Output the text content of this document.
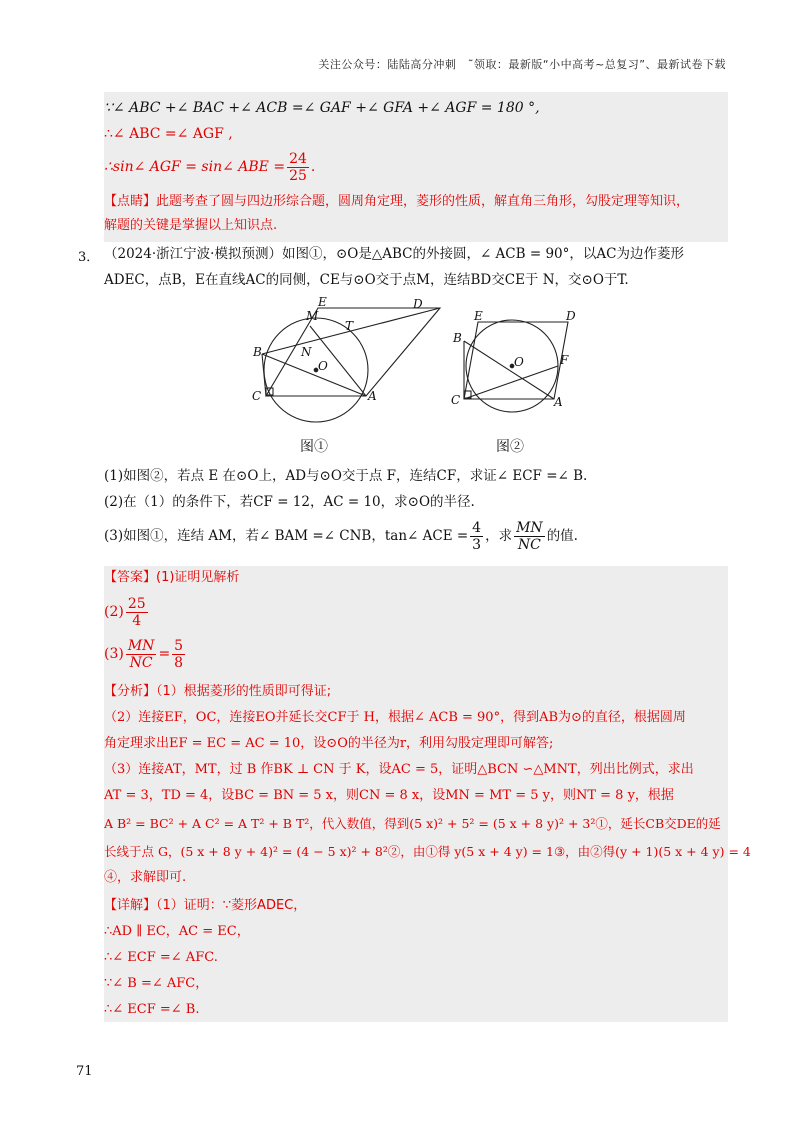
关注公众号：陆陆高分冲刺　˜领取：最新版“小中高考~总复习”、最新试卷下载
∵∠ ABC +∠ BAC +∠ ACB =∠ GAF +∠ GFA +∠ AGF = 180 °,
∴∠ ABC =∠ AGF ,
∴sin∠ AGF = sin∠ ABE = $\frac{24}{25}$ .
【点睛】此题考查了圆与四边形综合题，圆周角定理，菱形的性质，解直角三角形，勾股定理等知识，
解题的关键是掌握以上知识点.
3． （2024·浙江宁波·模拟预测）如图①，⊙O是△ABC的外接圆，∠ ACB = 90°，以AC为边作菱形
ADEC，点B，E在直线AC的同侧，CE与⊙O交于点M，连结BD交CE于 N，交⊙O于T.
E	D
M
T
B	N
O
C	A
E	D
B
O	F
C	A
图①	图②
(1)如图②，若点 E 在⊙O上，AD与⊙O交于点 F，连结CF，求证∠ ECF =∠ B.
(2)在（1）的条件下，若CF = 12，AC = 10，求⊙O的半径.
(3)如图①，连结 AM，若∠ BAM =∠ CNB，tan∠ ACE = $\frac{4}{3}$ ，求 $\frac{MN}{NC}$ 的值.
【答案】(1)证明见解析
$(2) \frac{25}{4}$
$(3) \frac{MN}{NC} = \frac{5}{8}$
【分析】（1）根据菱形的性质即可得证;
（2）连接EF，OC，连接EO并延长交CF于 H，根据∠ ACB = 90°，得到AB为⊙的直径，根据圆周
角定理求出EF = EC = AC = 10，设⊙O的半径为r，利用勾股定理即可解答;
（3）连接AT，MT，过 B 作BK ⊥ CN 于 K，设AC = 5，证明△BCN ∽△MNT，列出比例式，求出
AT = 3，TD = 4，设BC = BN = 5 x，则CN = 8 x，设MN = MT = 5 y，则NT = 8 y，根据
A B² = BC² + A C² = A T² + B T²，代入数值，得到(5 x)² + 5² = (5 x + 8 y)² + 3²①，延长CB交DE的延
长线于点 G，(5 x + 8 y + 4)² = (4 − 5 x)² + 8²②，由①得 y(5 x + 4 y) = 1③，由②得(y + 1)(5 x + 4 y) = 4
④，求解即可.
【详解】（1）证明：∵菱形ADEC，
∴AD ∥ EC，AC = EC，
∴∠ ECF =∠ AFC.
∵∠ B =∠ AFC，
∴∠ ECF =∠ B.
71
